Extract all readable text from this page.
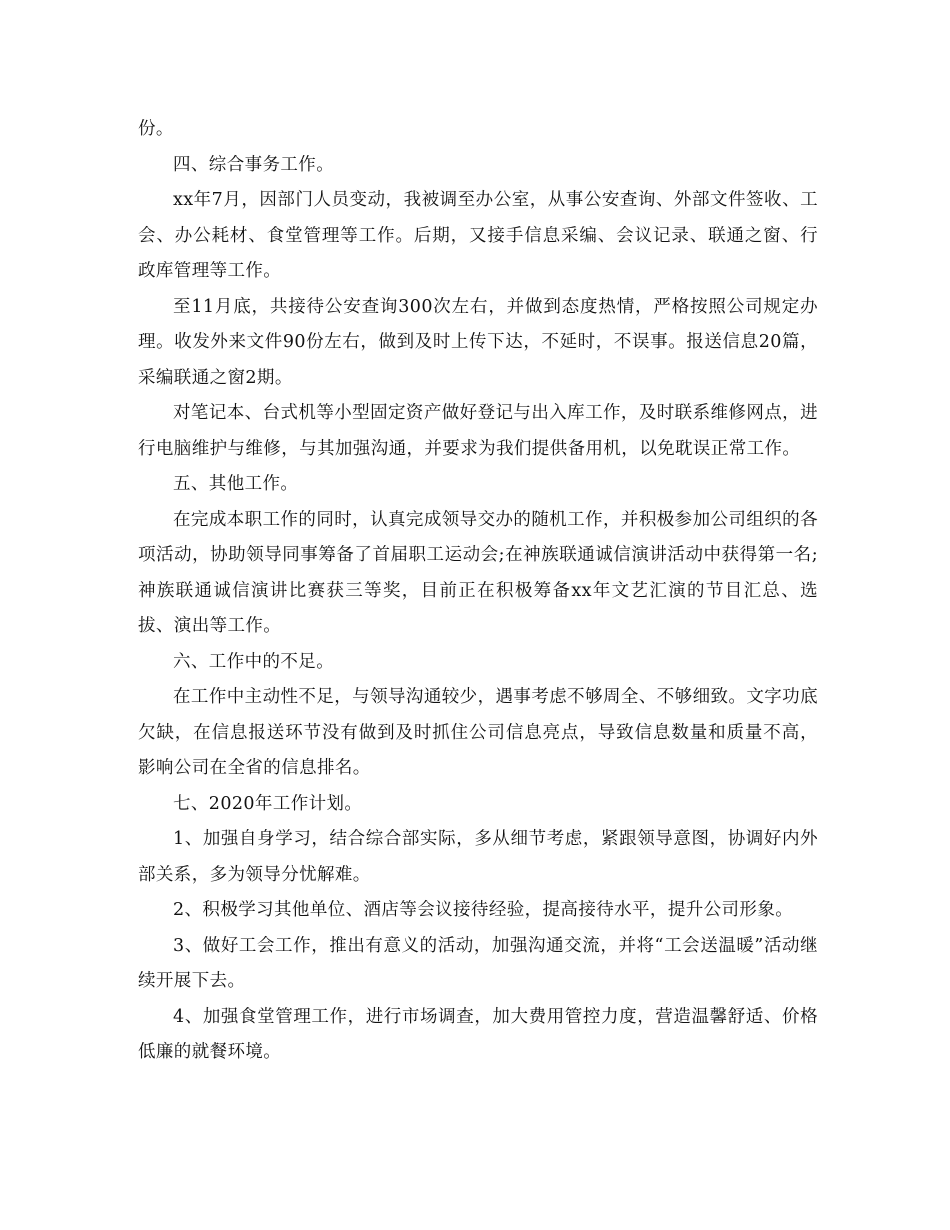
份。

四、综合事务工作。

xx年7月，因部门人员变动，我被调至办公室，从事公安查询、外部文件签收、工会、办公耗材、食堂管理等工作。后期，又接手信息采编、会议记录、联通之窗、行政库管理等工作。

至11月底，共接待公安查询300次左右，并做到态度热情，严格按照公司规定办理。收发外来文件90份左右，做到及时上传下达，不延时，不误事。报送信息20篇，采编联通之窗2期。

对笔记本、台式机等小型固定资产做好登记与出入库工作，及时联系维修网点，进行电脑维护与维修，与其加强沟通，并要求为我们提供备用机，以免耽误正常工作。

五、其他工作。

在完成本职工作的同时，认真完成领导交办的随机工作，并积极参加公司组织的各项活动，协助领导同事筹备了首届职工运动会;在神族联通诚信演讲活动中获得第一名;神族联通诚信演讲比赛获三等奖，目前正在积极筹备xx年文艺汇演的节目汇总、选拔、演出等工作。

六、工作中的不足。

在工作中主动性不足，与领导沟通较少，遇事考虑不够周全、不够细致。文字功底欠缺，在信息报送环节没有做到及时抓住公司信息亮点，导致信息数量和质量不高，影响公司在全省的信息排名。

七、2020年工作计划。

1、加强自身学习，结合综合部实际，多从细节考虑，紧跟领导意图，协调好内外部关系，多为领导分忧解难。

2、积极学习其他单位、酒店等会议接待经验，提高接待水平，提升公司形象。

3、做好工会工作，推出有意义的活动，加强沟通交流，并将“工会送温暖”活动继续开展下去。

4、加强食堂管理工作，进行市场调查，加大费用管控力度，营造温馨舒适、价格低廉的就餐环境。
